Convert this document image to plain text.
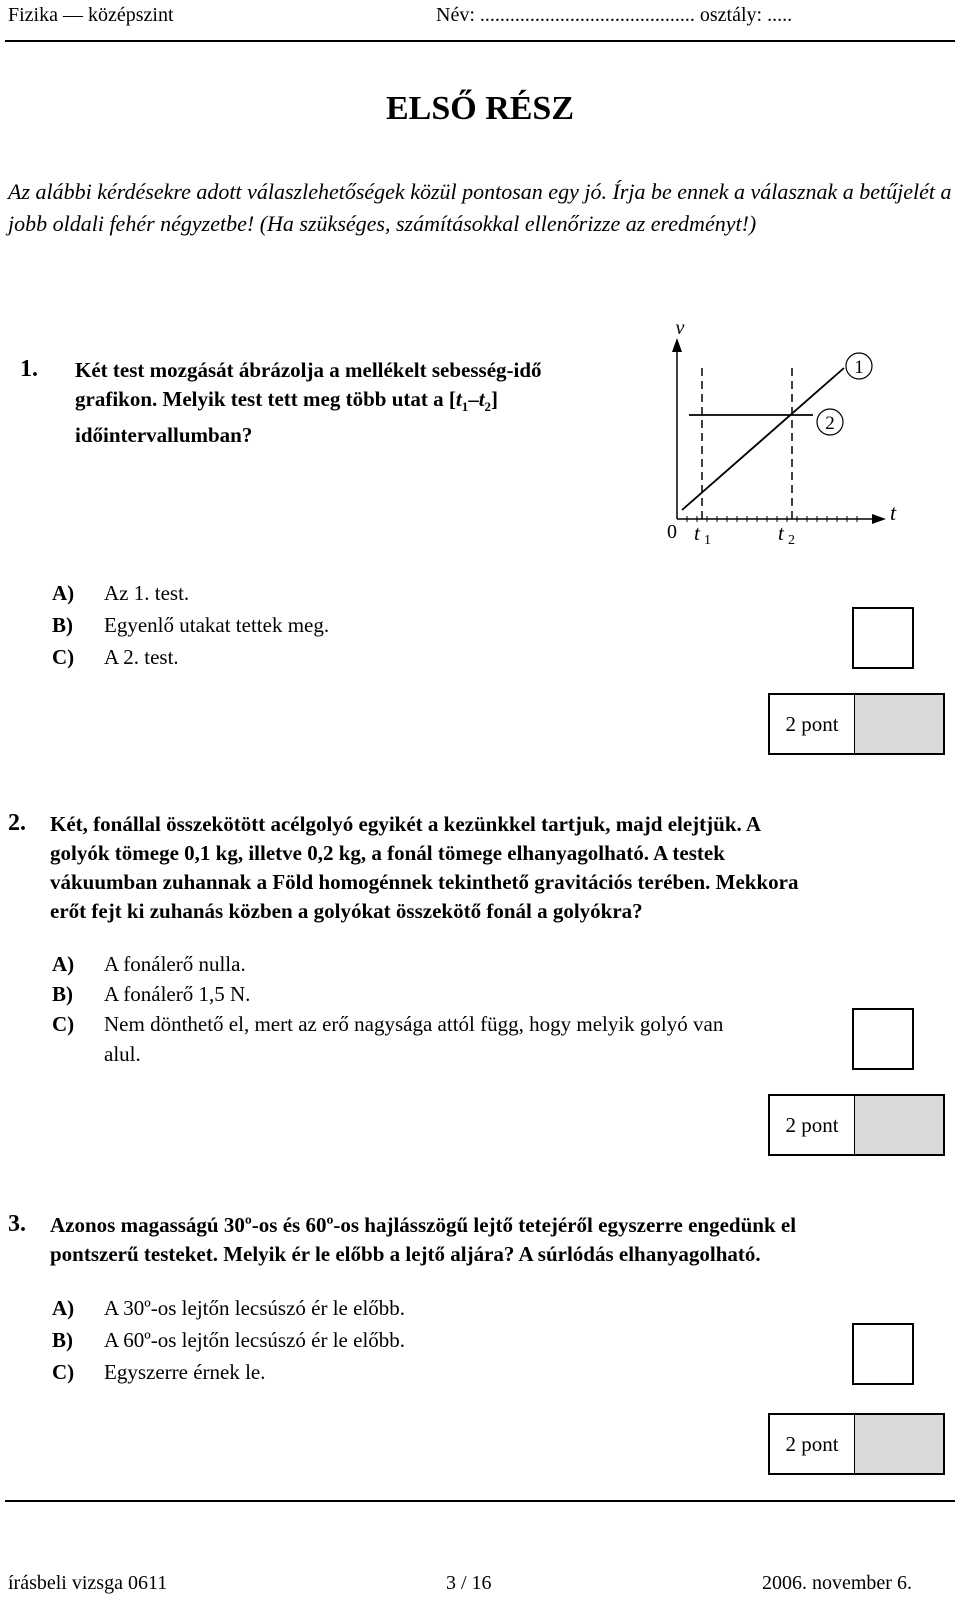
Fizika — középszint	Név: ........................................... osztály: .....
ELSŐ RÉSZ
Az alábbi kérdésekre adott válaszlehetőségek közül pontosan egy jó. Írja be ennek a válasznak a betűjelét a jobb oldali fehér négyzetbe! (Ha szükséges, számításokkal ellenőrizze az eredményt!)
1. Két test mozgását ábrázolja a mellékelt sebesség-idő
grafikon. Melyik test tett meg több utat a $[t_1-t_2]$
időintervallumban?
1
2
v
t
0 t 1	t 2
A) Az 1. test.
B) Egyenlő utakat tettek meg.
C) A 2. test.
2 pont
2. Két, fonállal összekötött acélgolyó egyikét a kezünkkel tartjuk, majd elejtjük. A
golyók tömege 0,1 kg, illetve 0,2 kg, a fonál tömege elhanyagolható. A testek
vákuumban zuhannak a Föld homogénnek tekinthető gravitációs terében. Mekkora
erőt fejt ki zuhanás közben a golyókat összekötő fonál a golyókra?
A) A fonálerő nulla.
B) A fonálerő 1,5 N.
C) Nem dönthető el, mert az erő nagysága attól függ, hogy melyik golyó van
alul.
2 pont
3. Azonos magasságú 30º-os és 60º-os hajlásszögű lejtő tetejéről egyszerre engedünk el
pontszerű testeket. Melyik ér le előbb a lejtő aljára? A súrlódás elhanyagolható.
A) A 30º-os lejtőn lecsúszó ér le előbb.
B) A 60º-os lejtőn lecsúszó ér le előbb.
C) Egyszerre érnek le.
2 pont
írásbeli vizsga 0611	3 / 16	2006. november 6.
